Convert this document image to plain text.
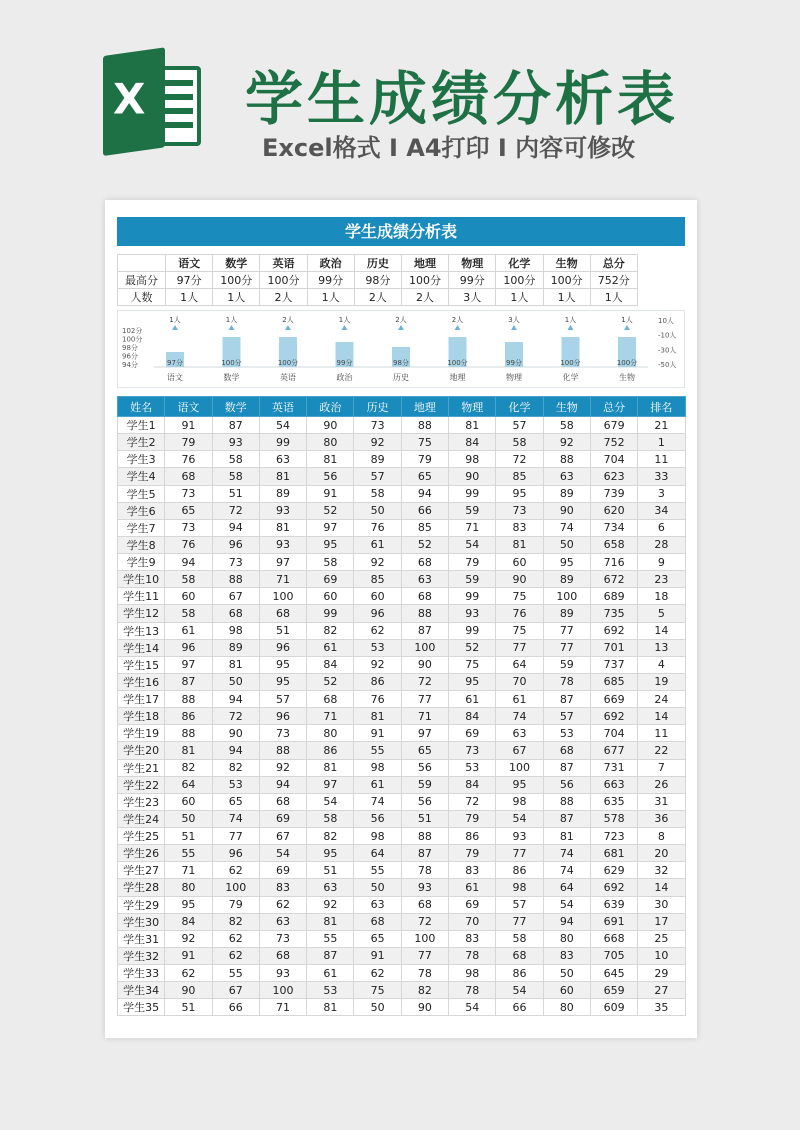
X 学生成绩分析表
Excel格式 I A4打印 I 内容可修改
学生成绩分析表
	语文	数学	英语	政治	历史	地理	物理	化学	生物	总分
最高分	97分	100分	100分	99分	98分	100分	99分	100分	100分	752分
人数	1人	1人	2人	1人	2人	2人	3人	1人	1人	1人
102分
100分
98分
96分
94分
10人
-10人
-30人
-50人
97分
1人
语文
100分
1人
数学
100分
2人
英语
99分
1人
政治
98分
2人
历史
100分
2人
地理
99分
3人
物理
100分
1人
化学
100分
1人
生物
姓名	语文	数学	英语	政治	历史	地理	物理	化学	生物	总分	排名
学生1	91	87	54	90	73	88	81	57	58	679	21
学生2	79	93	99	80	92	75	84	58	92	752	1
学生3	76	58	63	81	89	79	98	72	88	704	11
学生4	68	58	81	56	57	65	90	85	63	623	33
学生5	73	51	89	91	58	94	99	95	89	739	3
学生6	65	72	93	52	50	66	59	73	90	620	34
学生7	73	94	81	97	76	85	71	83	74	734	6
学生8	76	96	93	95	61	52	54	81	50	658	28
学生9	94	73	97	58	92	68	79	60	95	716	9
学生10	58	88	71	69	85	63	59	90	89	672	23
学生11	60	67	100	60	60	68	99	75	100	689	18
学生12	58	68	68	99	96	88	93	76	89	735	5
学生13	61	98	51	82	62	87	99	75	77	692	14
学生14	96	89	96	61	53	100	52	77	77	701	13
学生15	97	81	95	84	92	90	75	64	59	737	4
学生16	87	50	95	52	86	72	95	70	78	685	19
学生17	88	94	57	68	76	77	61	61	87	669	24
学生18	86	72	96	71	81	71	84	74	57	692	14
学生19	88	90	73	80	91	97	69	63	53	704	11
学生20	81	94	88	86	55	65	73	67	68	677	22
学生21	82	82	92	81	98	56	53	100	87	731	7
学生22	64	53	94	97	61	59	84	95	56	663	26
学生23	60	65	68	54	74	56	72	98	88	635	31
学生24	50	74	69	58	56	51	79	54	87	578	36
学生25	51	77	67	82	98	88	86	93	81	723	8
学生26	55	96	54	95	64	87	79	77	74	681	20
学生27	71	62	69	51	55	78	83	86	74	629	32
学生28	80	100	83	63	50	93	61	98	64	692	14
学生29	95	79	62	92	63	68	69	57	54	639	30
学生30	84	82	63	81	68	72	70	77	94	691	17
学生31	92	62	73	55	65	100	83	58	80	668	25
学生32	91	62	68	87	91	77	78	68	83	705	10
学生33	62	55	93	61	62	78	98	86	50	645	29
学生34	90	67	100	53	75	82	78	54	60	659	27
学生35	51	66	71	81	50	90	54	66	80	609	35
